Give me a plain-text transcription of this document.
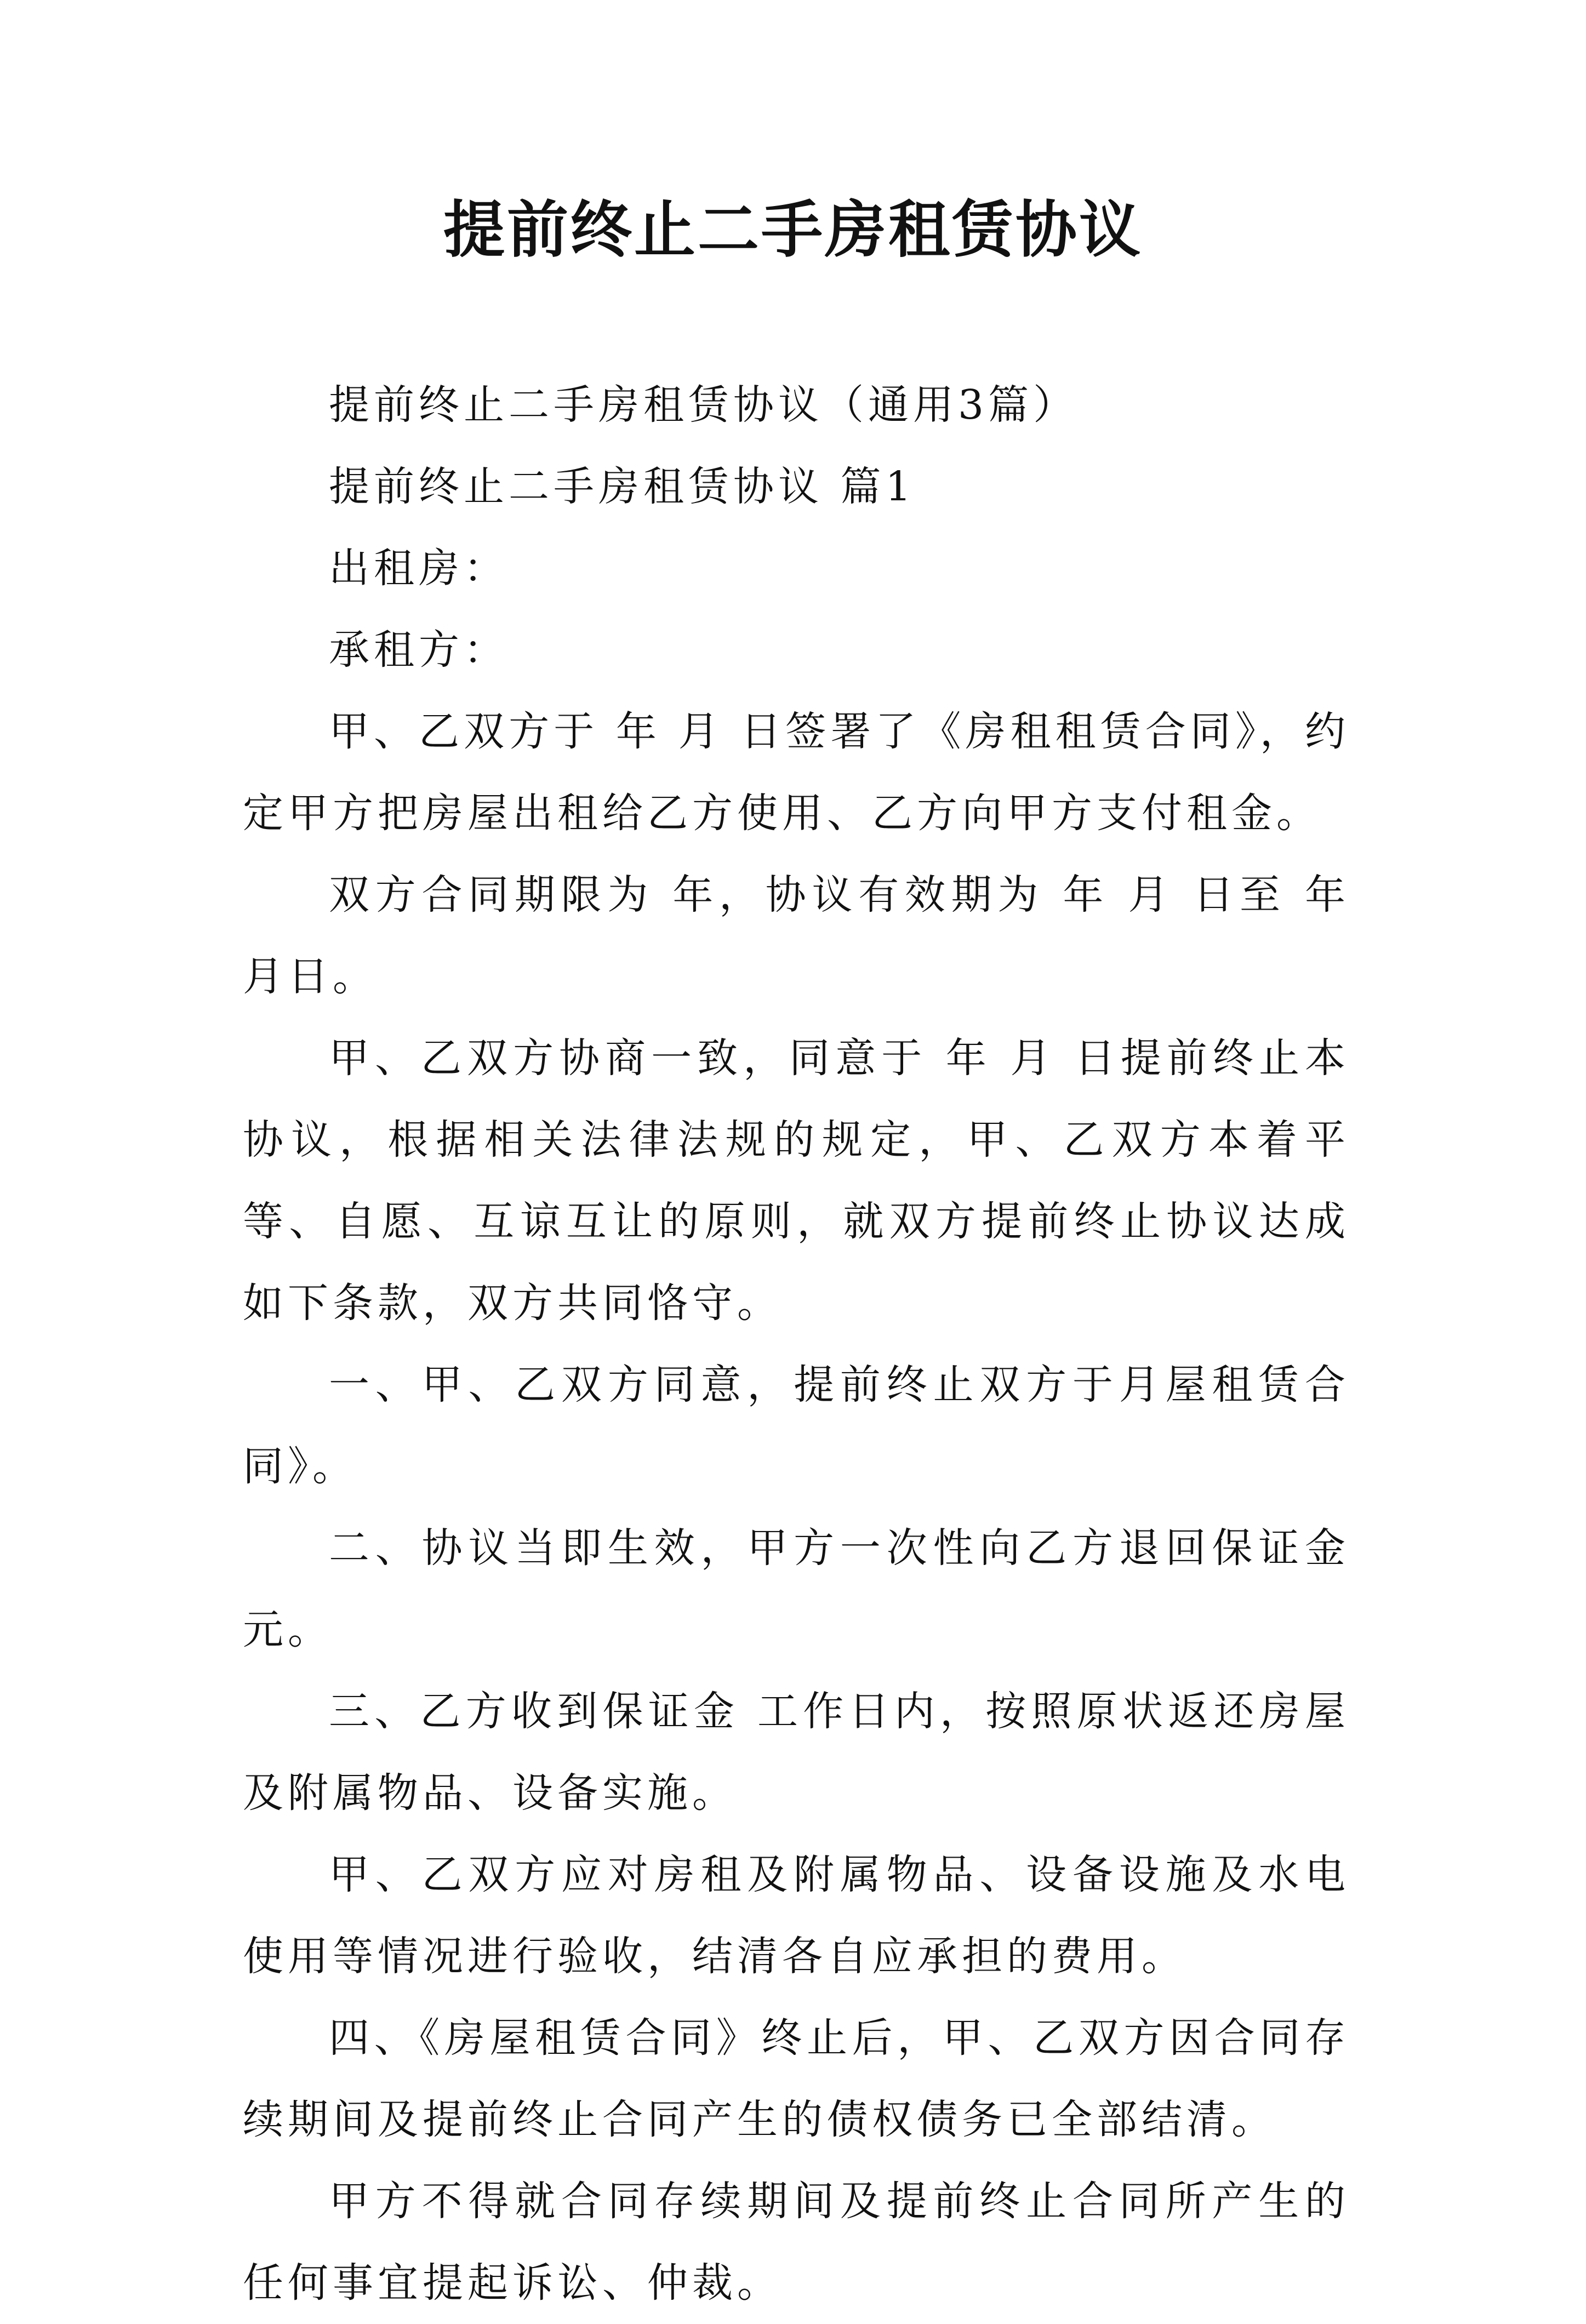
提前终止二手房租赁协议

提前终止二手房租赁协议（通用3篇）

提前终止二手房租赁协议 篇1

出租房：

承租方：

甲、乙双方于 年 月 日签署了《房租租赁合同》，约定甲方把房屋出租给乙方使用、乙方向甲方支付租金。

双方合同期限为 年，协议有效期为 年 月 日至 年 月日。

甲、乙双方协商一致，同意于 年 月 日提前终止本协议，根据相关法律法规的规定，甲、乙双方本着平等、自愿、互谅互让的原则，就双方提前终止协议达成如下条款，双方共同恪守。

一、甲、乙双方同意，提前终止双方于月屋租赁合同》。

二、协议当即生效，甲方一次性向乙方退回保证金 元。

三、乙方收到保证金 工作日内，按照原状返还房屋及附属物品、设备实施。

甲、乙双方应对房租及附属物品、设备设施及水电使用等情况进行验收，结清各自应承担的费用。

四、《房屋租赁合同》终止后，甲、乙双方因合同存续期间及提前终止合同产生的债权债务已全部结清。

甲方不得就合同存续期间及提前终止合同所产生的任何事宜提起诉讼、仲裁。
